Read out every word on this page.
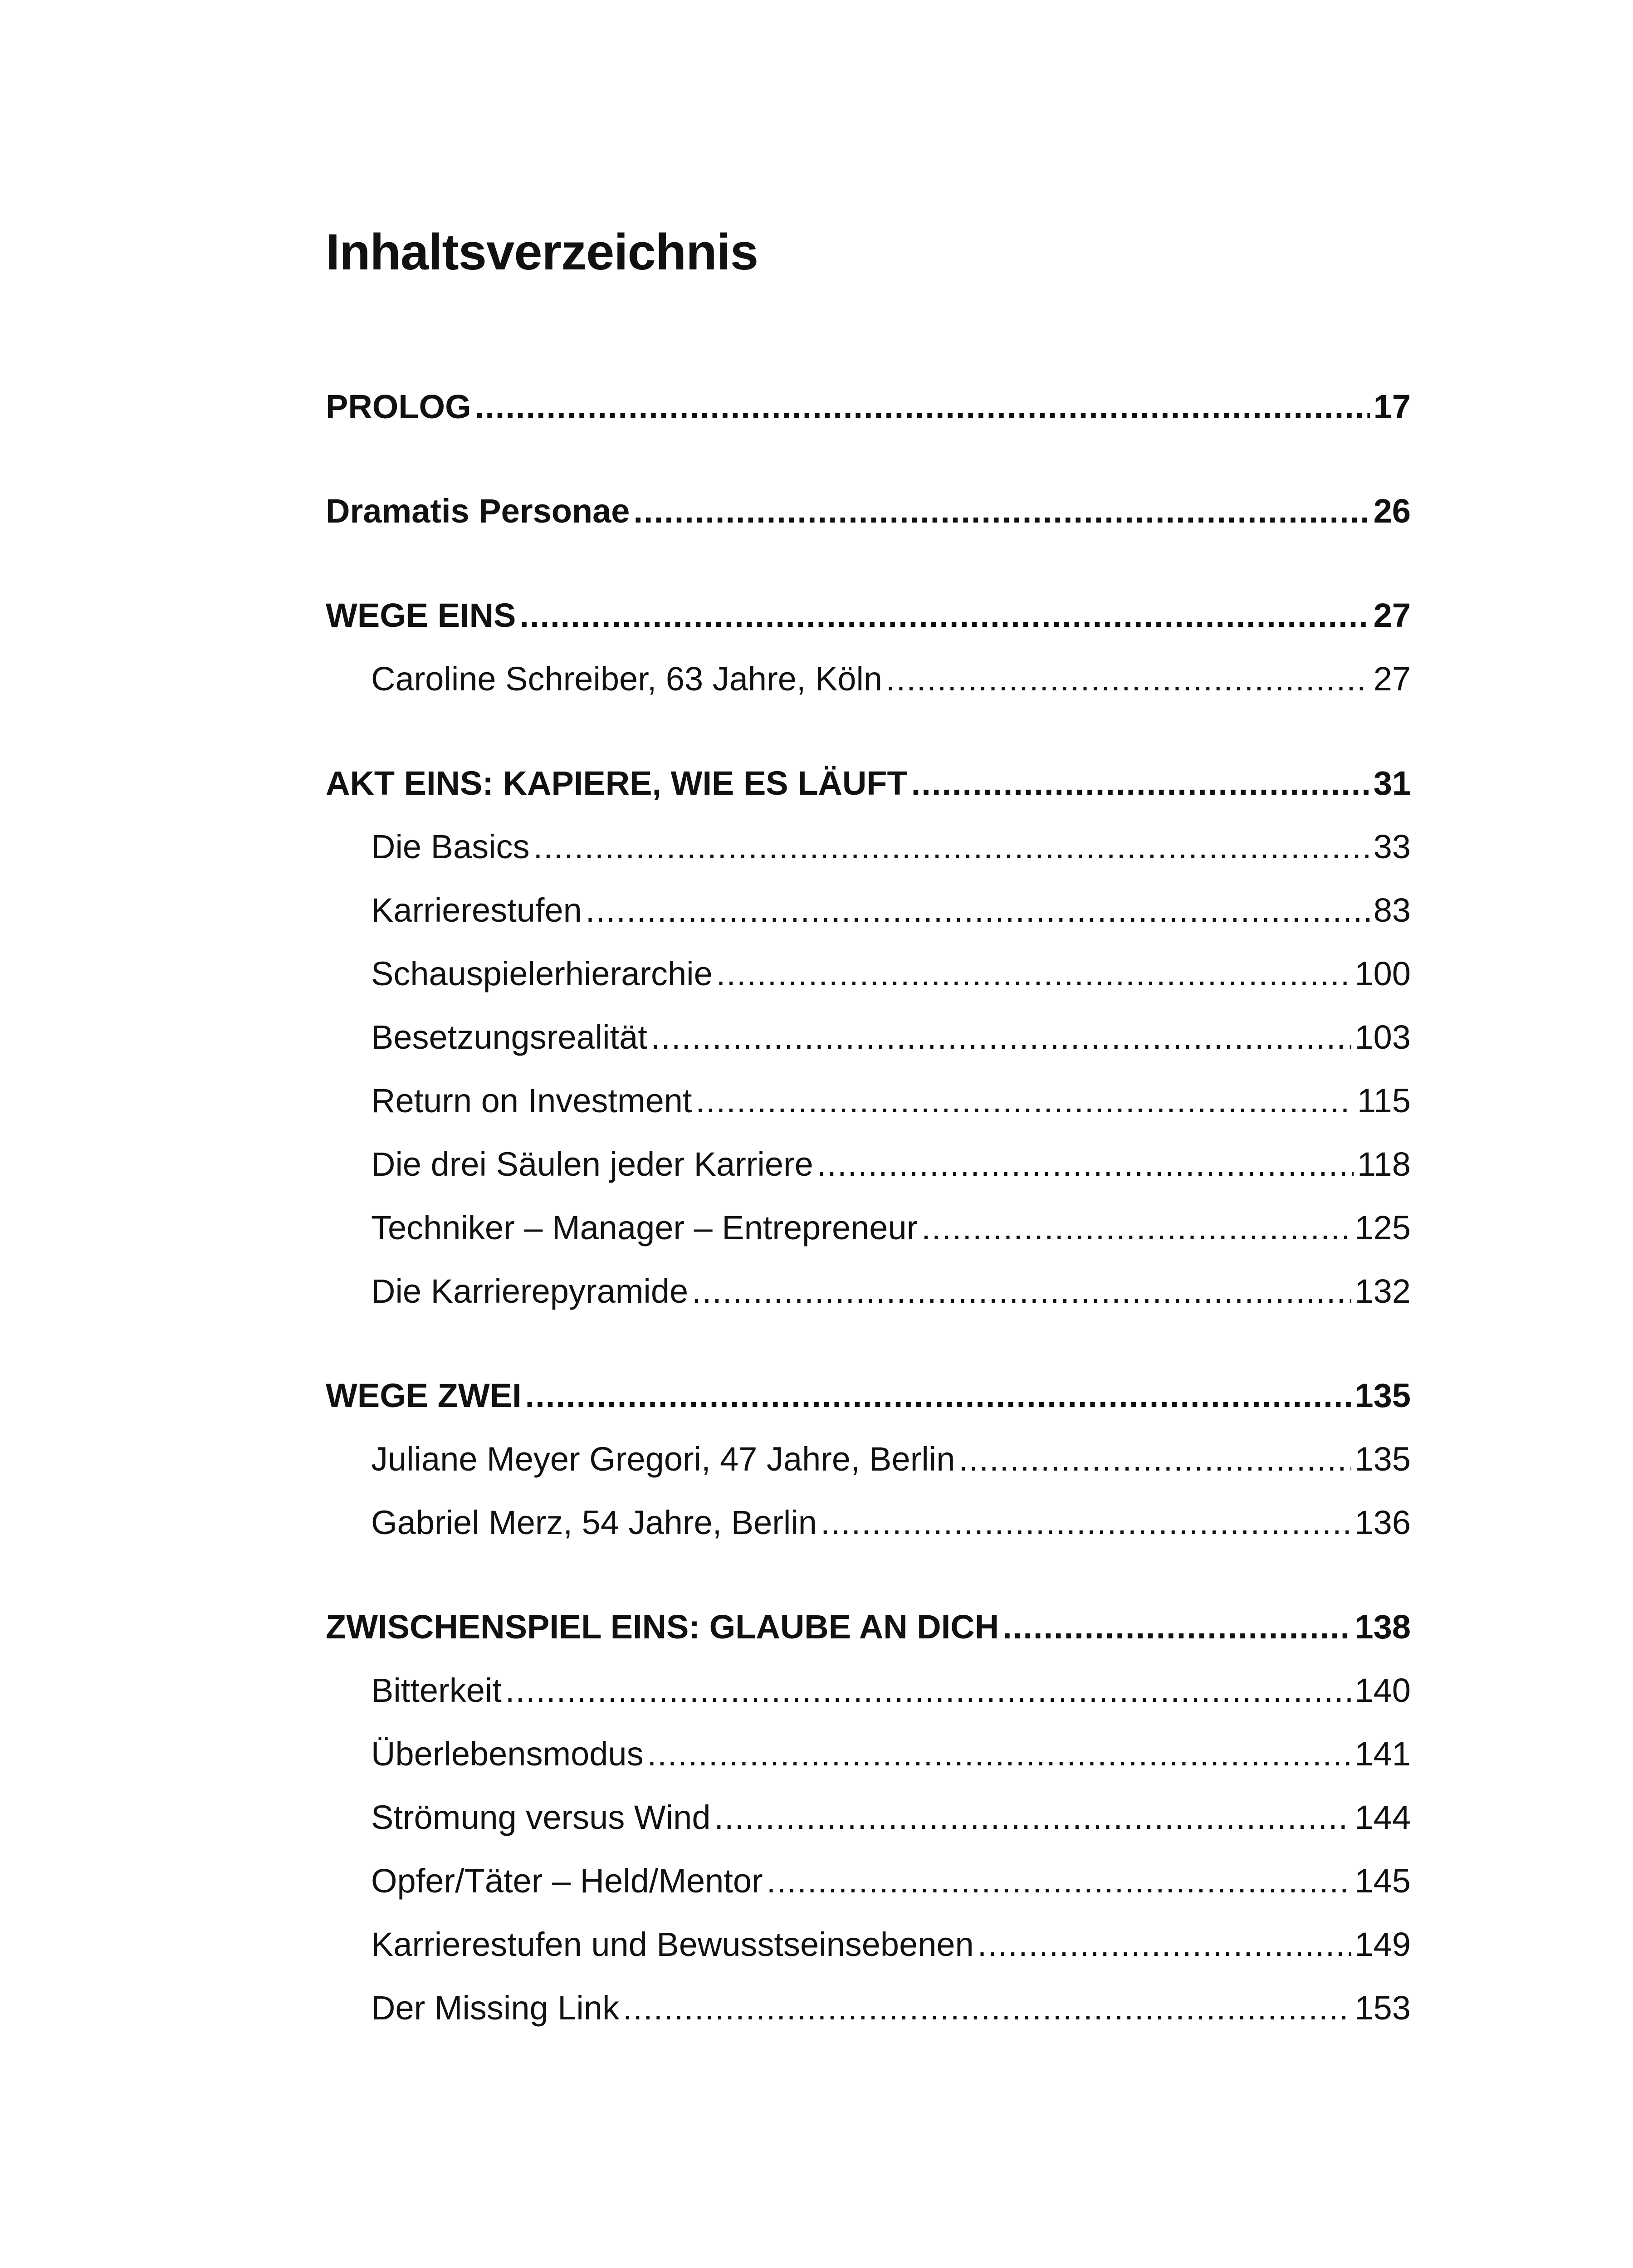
Inhaltsverzeichnis
PROLOG .....	17
Dramatis Personae .....	26
WEGE EINS .....	27
Caroline Schreiber, 63 Jahre, Köln .....	27
AKT EINS: KAPIERE, WIE ES LÄUFT .....	31
Die Basics .....	33
Karrierestufen .....	83
Schauspielerhierarchie .....	100
Besetzungsrealität .....	103
Return on Investment .....	115
Die drei Säulen jeder Karriere .....	118
Techniker – Manager – Entrepreneur .....	125
Die Karrierepyramide .....	132
WEGE ZWEI .....	135
Juliane Meyer Gregori, 47 Jahre, Berlin .....	135
Gabriel Merz, 54 Jahre, Berlin .....	136
ZWISCHENSPIEL EINS: GLAUBE AN DICH .....	138
Bitterkeit .....	140
Überlebensmodus .....	141
Strömung versus Wind .....	144
Opfer/Täter – Held/Mentor .....	145
Karrierestufen und Bewusstseinsebenen .....	149
Der Missing Link .....	153
